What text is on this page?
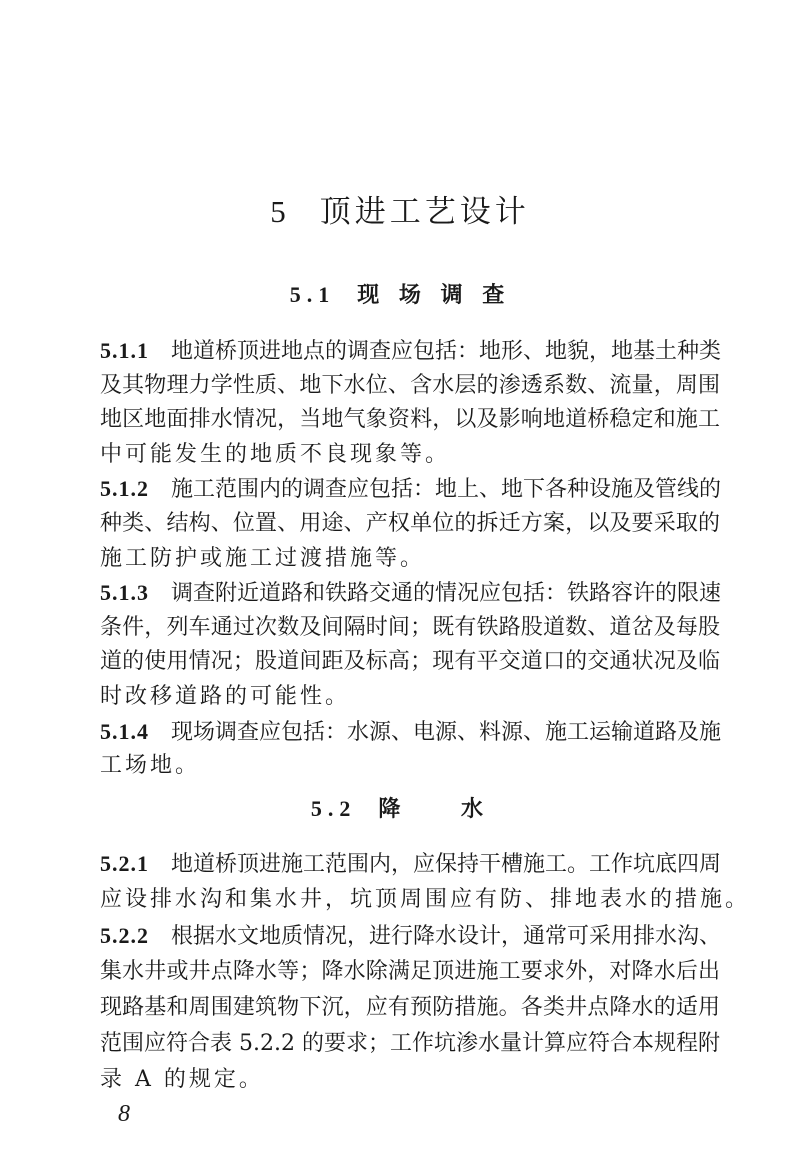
5 顶进工艺设计
5.1 现 场 调 查
5.1.1 地道桥顶进地点的调查应包括：地形、地貌，地基土种类
及其物理力学性质、地下水位、含水层的渗透系数、流量，周围
地区地面排水情况，当地气象资料，以及影响地道桥稳定和施工
中可能发生的地质不良现象等。
5.1.2 施工范围内的调查应包括：地上、地下各种设施及管线的
种类、结构、位置、用途、产权单位的拆迁方案，以及要采取的
施工防护或施工过渡措施等。
5.1.3 调查附近道路和铁路交通的情况应包括：铁路容许的限速
条件，列车通过次数及间隔时间；既有铁路股道数、道岔及每股
道的使用情况；股道间距及标高；现有平交道口的交通状况及临
时改移道路的可能性。
5.1.4 现场调查应包括：水源、电源、料源、施工运输道路及施
工场地。
5.2 降    水
5.2.1 地道桥顶进施工范围内，应保持干槽施工。工作坑底四周
应设排水沟和集水井，坑顶周围应有防、排地表水的措施。
5.2.2 根据水文地质情况，进行降水设计，通常可采用排水沟、
集水井或井点降水等；降水除满足顶进施工要求外，对降水后出
现路基和周围建筑物下沉，应有预防措施。各类井点降水的适用
范围应符合表 5.2.2 的要求；工作坑渗水量计算应符合本规程附
录 A 的规定。
8
